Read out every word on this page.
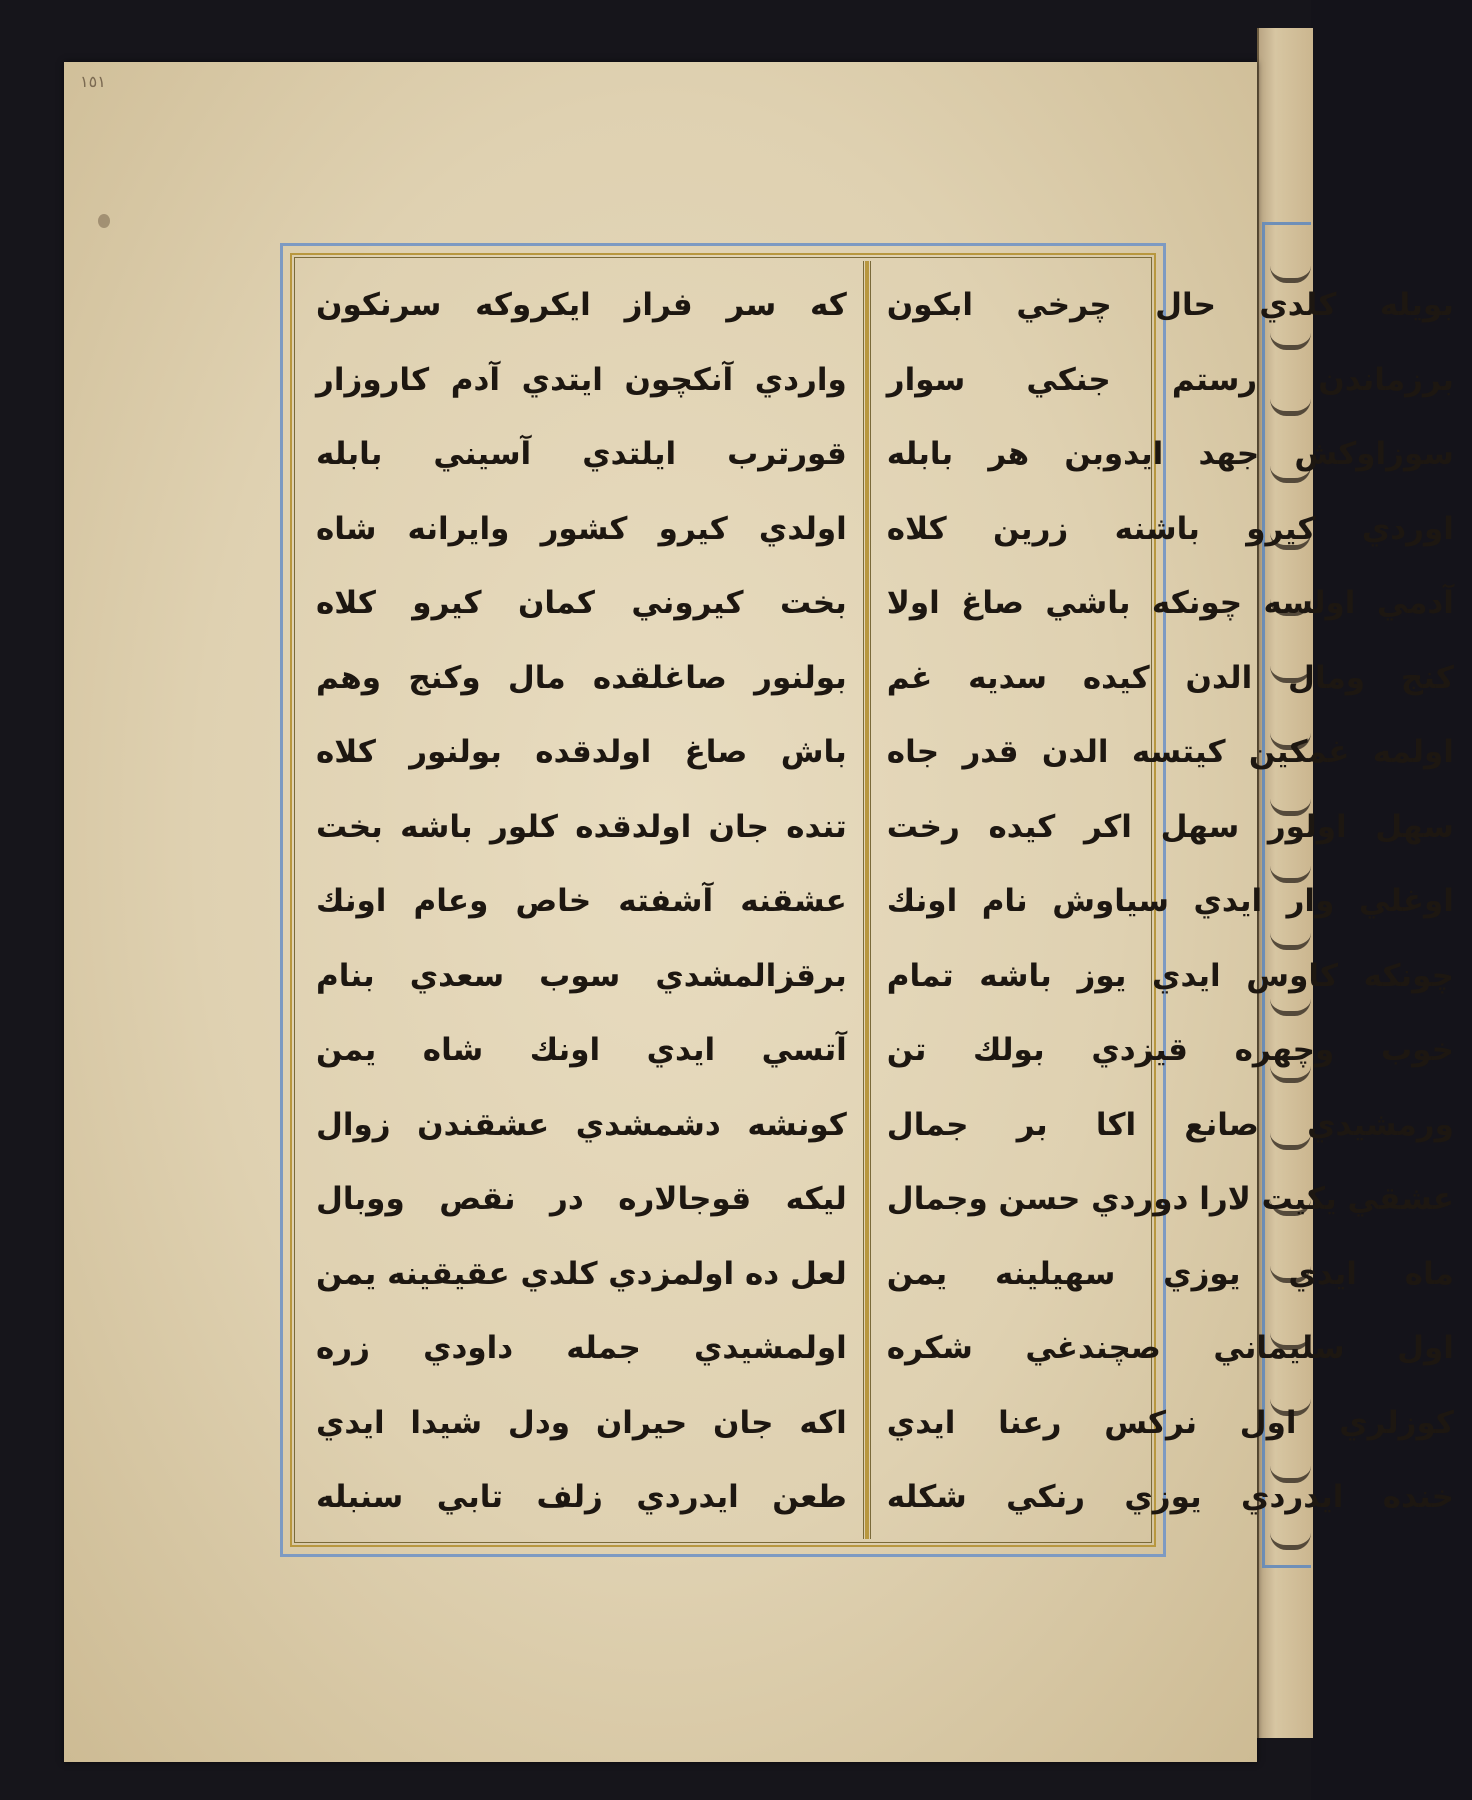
١٥١
كه سر فراز ايكروكه سرنكون
واردي آنكچون ايتدي آدم كاروزار
قورترب ايلتدي آسيني بابله
اولدي كيرو كشور وايرانه شاه
بخت كيروني كمان كيرو كلاه
بولنور صاغلقده مال وكنج وهم
باش صاغ اولدقده بولنور كلاه
تنده جان اولدقده كلور باشه بخت
عشقنه آشفته خاص وعام اونك
برقزالمشدي سوب سعدي بنام
آتسي ايدي اونك شاه يمن
كونشه دشمشدي عشقندن زوال
ليكه قوجالاره در نقص ووبال
لعل ده اولمزدي كلدي عقيقينه يمن
اولمشيدي جمله داودي زره
اكه جان حيران ودل شيدا ايدي
طعن ايدردي زلف تابي سنبله
بويله كلدي حال چرخي ابكون
برزماندن رستم جنكي سوار
سوزاوكش جهد ايدوبن هر بابله
اوردي كيرو باشنه زرين كلاه
آدمي اولسه چونكه باشي صاغ اولا
كنج ومال الدن كيده سديه غم
اولمه غمكين كيتسه الدن قدر جاه
سهل اولور سهل اكر كيده رخت
اوغلي وار ايدي سياوش نام اونك
چونكه كاوس ايدي يوز باشه تمام
خوب وچهره قيزدي بولك تن
ورمشيدي صانع اكا بر جمال
عشقي يكيت لارا دوردي حسن وجمال
ماه ايدي يوزي سهيلينه يمن
اول سليماني صچندغي شكره
كوزلري اول نركس رعنا ايدي
خنده ايدردي يوزي رنكي شكله
